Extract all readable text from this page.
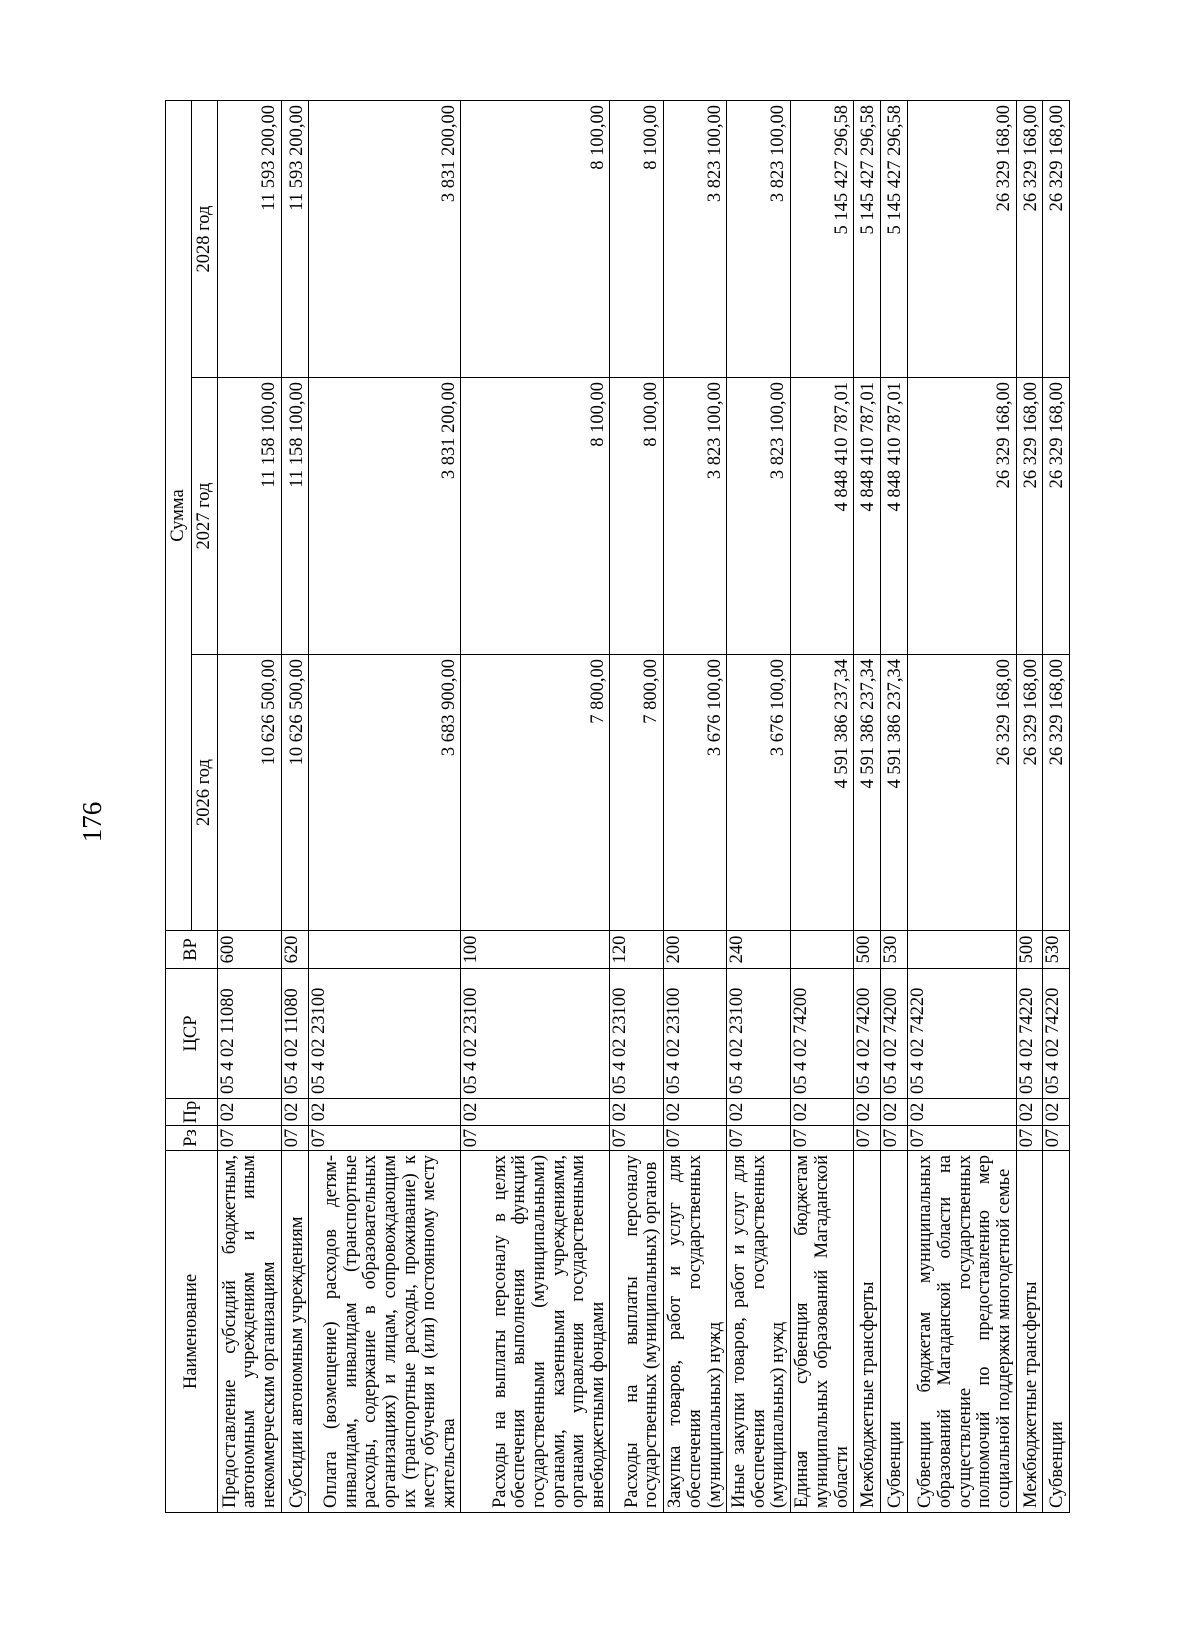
176
Наименование	Рз	Пр	ЦСР	ВР	Сумма		
					2026 год	2027 год	2028 год
Предоставление субсидий бюджетным, автономным учреждениям и иным некоммерческим организациям	07	02	05 4 02 11080	600	10 626 500,00	11 158 100,00	11 593 200,00
Субсидии автономным учреждениям	07	02	05 4 02 11080	620	10 626 500,00	11 158 100,00	11 593 200,00
Оплата (возмещение) расходов детям-инвалидам, инвалидам (транспортные расходы, содержание в образовательных организациях) и лицам, сопровождающим их (транспортные расходы, проживание) к месту обучения и (или) постоянному месту жительства	07	02	05 4 02 23100		3 683 900,00	3 831 200,00	3 831 200,00
Расходы на выплаты персоналу в целях обеспечения выполнения функций государственными (муниципальными) органами, казенными учреждениями, органами управления государственными внебюджетными фондами	07	02	05 4 02 23100	100	7 800,00	8 100,00	8 100,00
Расходы на выплаты персоналу государственных (муниципальных) органов	07	02	05 4 02 23100	120	7 800,00	8 100,00	8 100,00
Закупка товаров, работ и услуг для обеспечения государственных (муниципальных) нужд	07	02	05 4 02 23100	200	3 676 100,00	3 823 100,00	3 823 100,00
Иные закупки товаров, работ и услуг для обеспечения государственных (муниципальных) нужд	07	02	05 4 02 23100	240	3 676 100,00	3 823 100,00	3 823 100,00
Единая субвенция бюджетам муниципальных образований Магаданской области	07	02	05 4 02 74200		4 591 386 237,34	4 848 410 787,01	5 145 427 296,58
Межбюджетные трансферты	07	02	05 4 02 74200	500	4 591 386 237,34	4 848 410 787,01	5 145 427 296,58
Субвенции	07	02	05 4 02 74200	530	4 591 386 237,34	4 848 410 787,01	5 145 427 296,58
Субвенции бюджетам муниципальных образований Магаданской области на осуществление государственных полномочий по предоставлению мер социальной поддержки многодетной семье	07	02	05 4 02 74220		26 329 168,00	26 329 168,00	26 329 168,00
Межбюджетные трансферты	07	02	05 4 02 74220	500	26 329 168,00	26 329 168,00	26 329 168,00
Субвенции	07	02	05 4 02 74220	530	26 329 168,00	26 329 168,00	26 329 168,00
